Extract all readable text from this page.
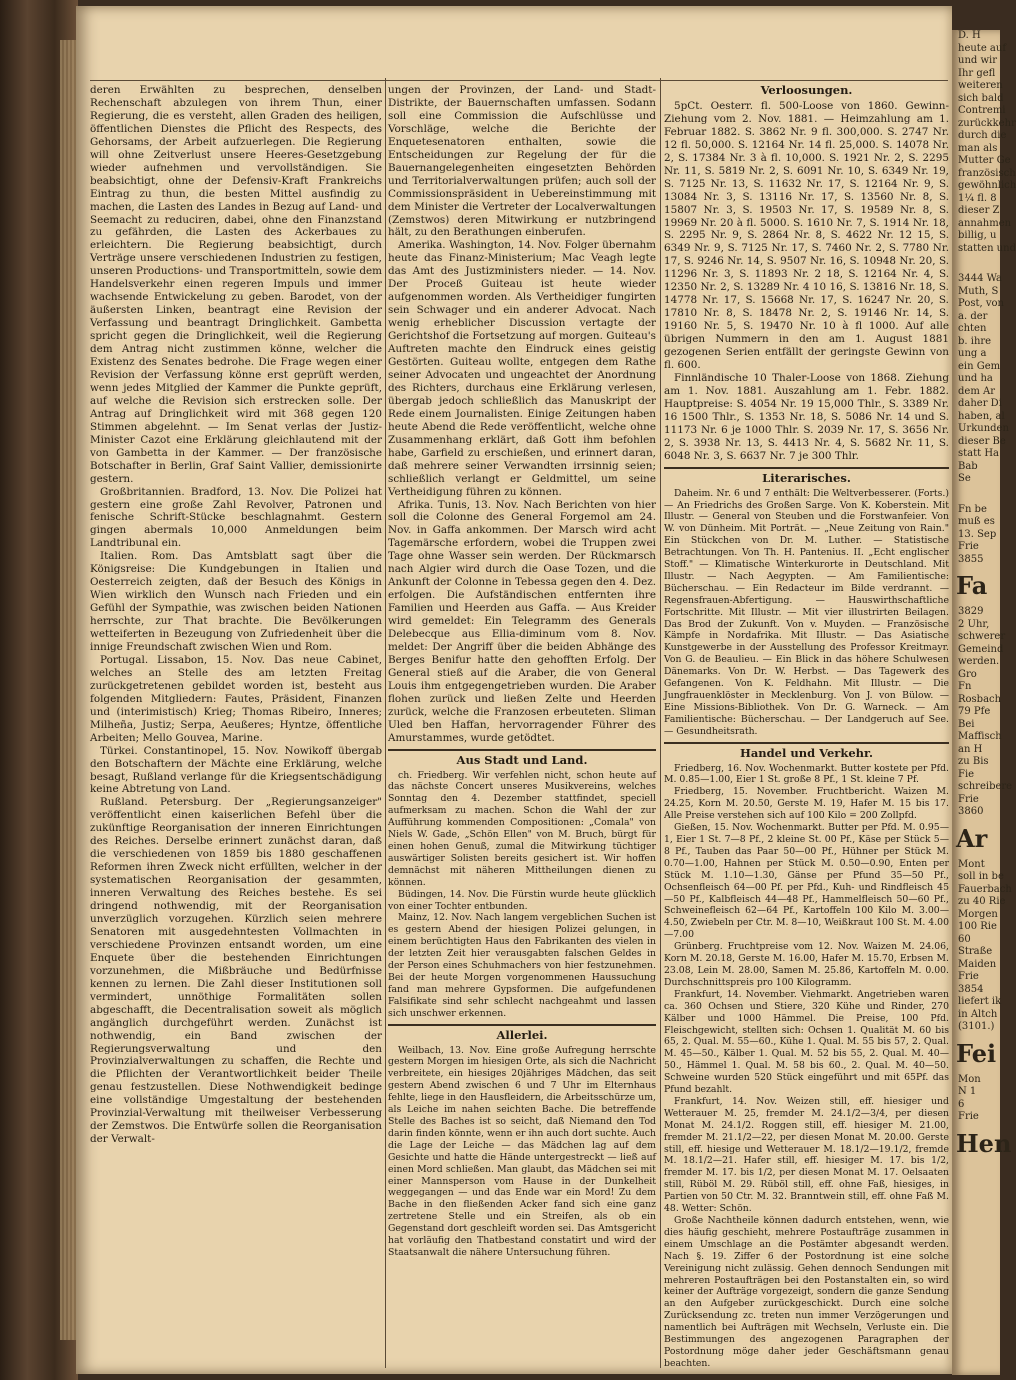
deren Erwählten zu besprechen, denselben Rechenschaft abzulegen von ihrem Thun, einer Regierung, die es versteht, allen Graden des heiligen, öffentlichen Dienstes die Pflicht des Respects, des Gehorsams, der Arbeit aufzuerlegen. Die Regierung will ohne Zeitverlust unsere Heeres-Gesetzgebung wieder aufnehmen und vervollständigen. Sie beabsichtigt, ohne der Defensiv-Kraft Frankreichs Eintrag zu thun, die besten Mittel ausfindig zu machen, die Lasten des Landes in Bezug auf Land- und Seemacht zu reduciren, dabei, ohne den Finanzstand zu gefährden, die Lasten des Ackerbaues zu erleichtern. Die Regierung beabsichtigt, durch Verträge unsere verschiedenen Industrien zu festigen, unseren Productions- und Transportmitteln, sowie dem Handelsverkehr einen regeren Impuls und immer wachsende Entwickelung zu geben. Barodet, von der äußersten Linken, beantragt eine Revision der Verfassung und beantragt Dringlichkeit. Gambetta spricht gegen die Dringlichkeit, weil die Regierung dem Antrag nicht zustimmen könne, welcher die Existenz des Senates bedrohe. Die Frage wegen einer Revision der Verfassung könne erst geprüft werden, wenn jedes Mitglied der Kammer die Punkte geprüft, auf welche die Revision sich erstrecken solle. Der Antrag auf Dringlichkeit wird mit 368 gegen 120 Stimmen abgelehnt. — Im Senat verlas der Justiz-Minister Cazot eine Erklärung gleichlautend mit der von Gambetta in der Kammer. — Der französische Botschafter in Berlin, Graf Saint Vallier, demissionirte gestern.

Großbritannien. Bradford, 13. Nov. Die Polizei hat gestern eine große Zahl Revolver, Patronen und fenische Schrift-Stücke beschlagnahmt. Gestern gingen abermals 10,000 Anmeldungen beim Landtribunal ein.

Italien. Rom. Das Amtsblatt sagt über die Königsreise: Die Kundgebungen in Italien und Oesterreich zeigten, daß der Besuch des Königs in Wien wirklich den Wunsch nach Frieden und ein Gefühl der Sympathie, was zwischen beiden Nationen herrschte, zur That brachte. Die Bevölkerungen wetteiferten in Bezeugung von Zufriedenheit über die innige Freundschaft zwischen Wien und Rom.

Portugal. Lissabon, 15. Nov. Das neue Cabinet, welches an Stelle des am letzten Freitag zurückgetretenen gebildet worden ist, besteht aus folgenden Mitgliedern: Fautes, Präsident, Finanzen und (interimistisch) Krieg; Thomas Ribeiro, Inneres; Milheña, Justiz; Serpa, Aeußeres; Hyntze, öffentliche Arbeiten; Mello Gouvea, Marine.

Türkei. Constantinopel, 15. Nov. Nowikoff übergab den Botschaftern der Mächte eine Erklärung, welche besagt, Rußland verlange für die Kriegsentschädigung keine Abtretung von Land.

Rußland. Petersburg. Der „Regierungsanzeiger" veröffentlicht einen kaiserlichen Befehl über die zukünftige Reorganisation der inneren Einrichtungen des Reiches. Derselbe erinnert zunächst daran, daß die verschiedenen von 1859 bis 1880 geschaffenen Reformen ihren Zweck nicht erfüllten, welcher in der systematischen Reorganisation der gesammten, inneren Verwaltung des Reiches bestehe. Es sei dringend nothwendig, mit der Reorganisation unverzüglich vorzugehen. Kürzlich seien mehrere Senatoren mit ausgedehntesten Vollmachten in verschiedene Provinzen entsandt worden, um eine Enquete über die bestehenden Einrichtungen vorzunehmen, die Mißbräuche und Bedürfnisse kennen zu lernen. Die Zahl dieser Institutionen soll vermindert, unnöthige Formalitäten sollen abgeschafft, die Decentralisation soweit als möglich angänglich durchgeführt werden. Zunächst ist nothwendig, ein Band zwischen der Regierungsverwaltung und den Provinzialverwaltungen zu schaffen, die Rechte und die Pflichten der Verantwortlichkeit beider Theile genau festzustellen. Diese Nothwendigkeit bedinge eine vollständige Umgestaltung der bestehenden Provinzial-Verwaltung mit theilweiser Verbesserung der Zemstwos. Die Entwürfe sollen die Reorganisation der Verwalt-

ungen der Provinzen, der Land- und Stadt-Distrikte, der Bauernschaften umfassen. Sodann soll eine Commission die Aufschlüsse und Vorschläge, welche die Berichte der Enquetesenatoren enthalten, sowie die Entscheidungen zur Regelung der für die Bauernangelegenheiten eingesetzten Behörden und Territorialverwaltungen prüfen; auch soll der Commissionspräsident in Uebereinstimmung mit dem Minister die Vertreter der Localverwaltungen (Zemstwos) deren Mitwirkung er nutzbringend hält, zu den Berathungen einberufen.

Amerika. Washington, 14. Nov. Folger übernahm heute das Finanz-Ministerium; Mac Veagh legte das Amt des Justizministers nieder. — 14. Nov. Der Proceß Guiteau ist heute wieder aufgenommen worden. Als Vertheidiger fungirten sein Schwager und ein anderer Advocat. Nach wenig erheblicher Discussion vertagte der Gerichtshof die Fortsetzung auf morgen. Guiteau's Auftreten machte den Eindruck eines geistig Gestörten. Guiteau wollte, entgegen dem Rathe seiner Advocaten und ungeachtet der Anordnung des Richters, durchaus eine Erklärung verlesen, übergab jedoch schließlich das Manuskript der Rede einem Journalisten. Einige Zeitungen haben heute Abend die Rede veröffentlicht, welche ohne Zusammenhang erklärt, daß Gott ihm befohlen habe, Garfield zu erschießen, und erinnert daran, daß mehrere seiner Verwandten irrsinnig seien; schließlich verlangt er Geldmittel, um seine Vertheidigung führen zu können.

Afrika. Tunis, 13. Nov. Nach Berichten von hier soll die Colonne des General Forgemol am 24. Nov. in Gaffa ankommen. Der Marsch wird acht Tagemärsche erfordern, wobei die Truppen zwei Tage ohne Wasser sein werden. Der Rückmarsch nach Algier wird durch die Oase Tozen, und die Ankunft der Colonne in Tebessa gegen den 4. Dez. erfolgen. Die Aufständischen entfernten ihre Familien und Heerden aus Gaffa. — Aus Kreider wird gemeldet: Ein Telegramm des Generals Delebecque aus Ellia-diminum vom 8. Nov. meldet: Der Angriff über die beiden Abhänge des Berges Benifur hatte den gehofften Erfolg. Der General stieß auf die Araber, die von General Louis ihm entgegengetrieben wurden. Die Araber flohen zurück und ließen Zelte und Heerden zurück, welche die Franzosen erbeuteten. Sliman Uled ben Haffan, hervorragender Führer des Amurstammes, wurde getödtet.

Aus Stadt und Land.

ch. Friedberg. Wir verfehlen nicht, schon heute auf das nächste Concert unseres Musikvereins, welches Sonntag den 4. Dezember stattfindet, speciell aufmerksam zu machen. Schon die Wahl der zur Aufführung kommenden Compositionen: „Comala" von Niels W. Gade, „Schön Ellen" von M. Bruch, bürgt für einen hohen Genuß, zumal die Mitwirkung tüchtiger auswärtiger Solisten bereits gesichert ist. Wir hoffen demnächst mit näheren Mittheilungen dienen zu können.

Büdingen, 14. Nov. Die Fürstin wurde heute glücklich von einer Tochter entbunden.

Mainz, 12. Nov. Nach langem vergeblichen Suchen ist es gestern Abend der hiesigen Polizei gelungen, in einem berüchtigten Haus den Fabrikanten des vielen in der letzten Zeit hier verausgabten falschen Geldes in der Person eines Schuhmachers von hier festzunehmen. Bei der heute Morgen vorgenommenen Haussuchung fand man mehrere Gypsformen. Die aufgefundenen Falsifikate sind sehr schlecht nachgeahmt und lassen sich unschwer erkennen.

Allerlei.

Weilbach, 13. Nov. Eine große Aufregung herrschte gestern Morgen im hiesigen Orte, als sich die Nachricht verbreitete, ein hiesiges 20jähriges Mädchen, das seit gestern Abend zwischen 6 und 7 Uhr im Elternhaus fehlte, liege in den Hausfleidern, die Arbeitsschürze um, als Leiche im nahen seichten Bache. Die betreffende Stelle des Baches ist so seicht, daß Niemand den Tod darin finden könnte, wenn er ihn auch dort suchte. Auch die Lage der Leiche — das Mädchen lag auf dem Gesichte und hatte die Hände untergestreckt — ließ auf einen Mord schließen. Man glaubt, das Mädchen sei mit einer Mannsperson vom Hause in der Dunkelheit weggegangen — und das Ende war ein Mord! Zu dem Bache in den fließenden Acker fand sich eine ganz zertretene Stelle und ein Streifen, als ob ein Gegenstand dort geschleift worden sei. Das Amtsgericht hat vorläufig den Thatbestand constatirt und wird der Staatsanwalt die nähere Untersuchung führen.

Verloosungen.

5pCt. Oesterr. fl. 500-Loose von 1860. Gewinn-Ziehung vom 2. Nov. 1881. — Heimzahlung am 1. Februar 1882. S. 3862 Nr. 9 fl. 300,000. S. 2747 Nr. 12 fl. 50,000. S. 12164 Nr. 14 fl. 25,000. S. 14078 Nr. 2, S. 17384 Nr. 3 à fl. 10,000. S. 1921 Nr. 2, S. 2295 Nr. 11, S. 5819 Nr. 2, S. 6091 Nr. 10, S. 6349 Nr. 19, S. 7125 Nr. 13, S. 11632 Nr. 17, S. 12164 Nr. 9, S. 13084 Nr. 3, S. 13116 Nr. 17, S. 13560 Nr. 8, S. 15807 Nr. 3, S. 19503 Nr. 17, S. 19589 Nr. 8, S. 19969 Nr. 20 à fl. 5000. S. 1610 Nr. 7, S. 1914 Nr. 18, S. 2295 Nr. 9, S. 2864 Nr. 8, S. 4622 Nr. 12 15, S. 6349 Nr. 9, S. 7125 Nr. 17, S. 7460 Nr. 2, S. 7780 Nr. 17, S. 9246 Nr. 14, S. 9507 Nr. 16, S. 10948 Nr. 20, S. 11296 Nr. 3, S. 11893 Nr. 2 18, S. 12164 Nr. 4, S. 12350 Nr. 2, S. 13289 Nr. 4 10 16, S. 13816 Nr. 18, S. 14778 Nr. 17, S. 15668 Nr. 17, S. 16247 Nr. 20, S. 17810 Nr. 8, S. 18478 Nr. 2, S. 19146 Nr. 14, S. 19160 Nr. 5, S. 19470 Nr. 10 à fl 1000. Auf alle übrigen Nummern in den am 1. August 1881 gezogenen Serien entfällt der geringste Gewinn von fl. 600.

Finnländische 10 Thaler-Loose von 1868. Ziehung am 1. Nov. 1881. Auszahlung am 1. Febr. 1882. Hauptpreise: S. 4054 Nr. 19 15,000 Thlr., S. 3389 Nr. 16 1500 Thlr., S. 1353 Nr. 18, S. 5086 Nr. 14 und S. 11173 Nr. 6 je 1000 Thlr. S. 2039 Nr. 17, S. 3656 Nr. 2, S. 3938 Nr. 13, S. 4413 Nr. 4, S. 5682 Nr. 11, S. 6048 Nr. 3, S. 6637 Nr. 7 je 300 Thlr.

Literarisches.

Daheim. Nr. 6 und 7 enthält: Die Weltverbesserer. (Forts.) — An Friedrichs des Großen Sarge. Von K. Koberstein. Mit Illustr. — General von Steuben und die Forstwanfeier. Von W. von Dünheim. Mit Porträt. — „Neue Zeitung von Rain." Ein Stückchen von Dr. M. Luther. — Statistische Betrachtungen. Von Th. H. Pantenius. II. „Echt englischer Stoff." — Klimatische Winterkurorte in Deutschland. Mit Illustr. — Nach Aegypten. — Am Familientische: Bücherschau. — Ein Redacteur im Bilde verdrannt. — Regensfrauen-Abfertigung. — Hauswirthschaftliche Fortschritte. Mit Illustr. — Mit vier illustrirten Beilagen. Das Brod der Zukunft. Von v. Muyden. — Französische Kämpfe in Nordafrika. Mit Illustr. — Das Asiatische Kunstgewerbe in der Ausstellung des Professor Kreitmayr. Von G. de Beaulieu. — Ein Blick in das höhere Schulwesen Dänemarks. Von Dr. W. Herbst. — Das Tagewerk des Gefangenen. Von K. Feldhahn. Mit Illustr. — Die Jungfrauenklöster in Mecklenburg. Von J. von Bülow. — Eine Missions-Bibliothek. Von Dr. G. Warneck. — Am Familientische: Bücherschau. — Der Landgeruch auf See. — Gesundheitsrath.

Handel und Verkehr.

Friedberg, 16. Nov. Wochenmarkt. Butter kostete per Pfd. M. 0.85—1.00, Eier 1 St. große 8 Pf., 1 St. kleine 7 Pf.

Friedberg, 15. November. Fruchtbericht. Waizen M. 24.25, Korn M. 20.50, Gerste M. 19, Hafer M. 15 bis 17. Alle Preise verstehen sich auf 100 Kilo = 200 Zollpfd.

Gießen, 15. Nov. Wochenmarkt. Butter per Pfd. M. 0.95—1, Eier 1 St. 7—8 Pf., 2 kleine St. 00 Pf., Käse per Stück 5—8 Pf., Tauben das Paar 50—00 Pf., Hühner per Stück M. 0.70—1.00, Hahnen per Stück M. 0.50—0.90, Enten per Stück M. 1.10—1.30, Gänse per Pfund 35—50 Pf., Ochsenfleisch 64—00 Pf. per Pfd., Kuh- und Rindfleisch 45—50 Pf., Kalbfleisch 44—48 Pf., Hammelfleisch 50—60 Pf., Schweinefleisch 62—64 Pf., Kartoffeln 100 Kilo M. 3.00—4.50, Zwiebeln per Ctr. M. 8—10, Weißkraut 100 St. M. 4.00—7.00

Grünberg. Fruchtpreise vom 12. Nov. Waizen M. 24.06, Korn M. 20.18, Gerste M. 16.00, Hafer M. 15.70, Erbsen M. 23.08, Lein M. 28.00, Samen M. 25.86, Kartoffeln M. 0.00. Durchschnittspreis pro 100 Kilogramm.

Frankfurt, 14. November. Viehmarkt. Angetrieben waren ca. 360 Ochsen und Stiere, 320 Kühe und Rinder, 270 Kälber und 1000 Hämmel. Die Preise, 100 Pfd. Fleischgewicht, stellten sich: Ochsen 1. Qualität M. 60 bis 65, 2. Qual. M. 55—60., Kühe 1. Qual. M. 55 bis 57, 2. Qual. M. 45—50., Kälber 1. Qual. M. 52 bis 55, 2. Qual. M. 40—50., Hämmel 1. Qual. M. 58 bis 60., 2. Qual. M. 40—50. Schweine wurden 520 Stück eingeführt und mit 65Pf. das Pfund bezahlt.

Frankfurt, 14. Nov. Weizen still, eff. hiesiger und Wetterauer M. 25, fremder M. 24.1/2—3/4, per diesen Monat M. 24.1/2. Roggen still, eff. hiesiger M. 21.00, fremder M. 21.1/2—22, per diesen Monat M. 20.00. Gerste still, eff. hiesige und Wetterauer M. 18.1/2—19.1/2, fremde M. 18.1/2—21. Hafer still, eff. hiesiger M. 17. bis 1/2, fremder M. 17. bis 1/2, per diesen Monat M. 17. Oelsaaten still, Rüböl M. 29. Rüböl still, eff. ohne Faß, hiesiges, in Partien von 50 Ctr. M. 32. Branntwein still, eff. ohne Faß M. 48. Wetter: Schön.

Große Nachtheile können dadurch entstehen, wenn, wie dies häufig geschieht, mehrere Postaufträge zusammen in einem Umschlage an die Postämter abgesandt werden. Nach §. 19. Ziffer 6 der Postordnung ist eine solche Vereinigung nicht zulässig. Gehen dennoch Sendungen mit mehreren Postaufträgen bei den Postanstalten ein, so wird keiner der Aufträge vorgezeigt, sondern die ganze Sendung an den Aufgeber zurückgeschickt. Durch eine solche Zurücksendung zc. treten nun immer Verzögerungen und namentlich bei Aufträgen mit Wechseln, Verluste ein. Die Bestimmungen des angezogenen Paragraphen der Postordnung möge daher jeder Geschäftsmann genau beachten.

D. H
heute auf
und wir
Ihr gefl
weiteren
sich bald
Contremi
zurückkehr
durch die
man als
Mutter Ge
französisch
gewöhnlich
1¼ fl. 8
dieser Z
annahmen
billig, u
statten und
3444 Wa
Muth, S
Post, von
a. der
chten
b. ihre
ung a
ein Gem
und ha
dem Ar
daher Di
haben, al
Urkunden
dieser Be
statt Ha
Bab
Se
Fn be
muß es
13. Sep
Frie
3855
Fa
3829
2 Uhr,
schwerer
Gemeind
werden.
Gro
Fn
Rosbach
79 Pfe
Bei
Maffisch
an H
zu Bis
Fie
schreibere
Frie
3860
Ar
Mont
soll in be
Fauerbach
zu 40 Rie
Morgen
100 Rie
60
Straße
Maiden
Frie
3854
liefert ik
in Altch
(3101.)
Fei
Mon
N 1
6
Frie
Hen
